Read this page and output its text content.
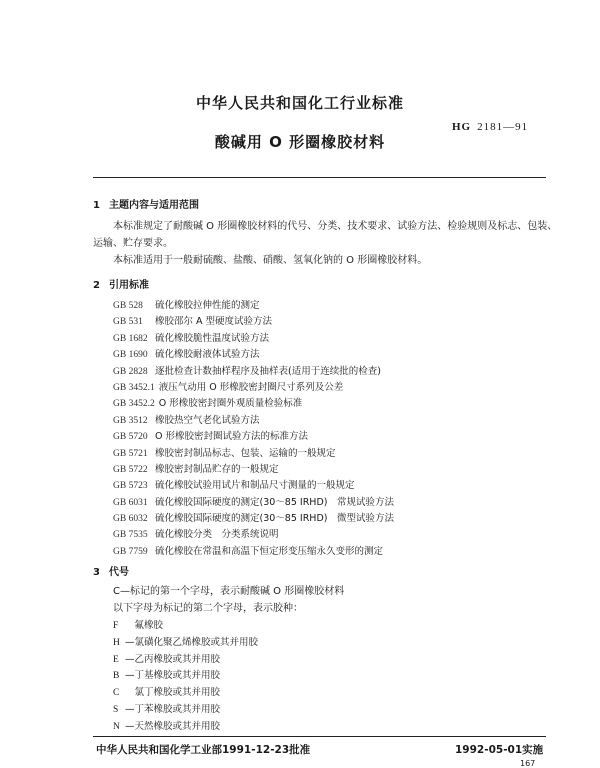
中华人民共和国化工行业标准
HG 2181—91
酸碱用 O 形圈橡胶材料
1 主题内容与适用范围
本标准规定了耐酸碱 O 形圈橡胶材料的代号、分类、技术要求、试验方法、检验规则及标志、包装、
运输、贮存要求。
本标准适用于一般耐硫酸、盐酸、硝酸、氢氧化钠的 O 形圈橡胶材料。
2 引用标准
GB 528 硫化橡胶拉伸性能的测定
GB 531 橡胶邵尔 A 型硬度试验方法
GB 1682 硫化橡胶脆性温度试验方法
GB 1690 硫化橡胶耐液体试验方法
GB 2828 逐批检查计数抽样程序及抽样表(适用于连续批的检查)
GB 3452.1 液压气动用 O 形橡胶密封圈尺寸系列及公差
GB 3452.2 O 形橡胶密封圈外观质量检验标准
GB 3512 橡胶热空气老化试验方法
GB 5720 O 形橡胶密封圈试验方法的标准方法
GB 5721 橡胶密封制品标志、包装、运输的一般规定
GB 5722 橡胶密封制品贮存的一般规定
GB 5723 硫化橡胶试验用试片和制品尺寸测量的一般规定
GB 6031 硫化橡胶国际硬度的测定(30～85 IRHD)　常规试验方法
GB 6032 硫化橡胶国际硬度的测定(30～85 IRHD)　微型试验方法
GB 7535 硫化橡胶分类　分类系统说明
GB 7759 硫化橡胶在常温和高温下恒定形变压缩永久变形的测定
3 代号
C—标记的第一个字母，表示耐酸碱 O 形圈橡胶材料
以下字母为标记的第二个字母，表示胶种：
F　氟橡胶
H —氯磺化聚乙烯橡胶或其并用胶
E —乙丙橡胶或其并用胶
B —丁基橡胶或其并用胶
C　氯丁橡胶或其并用胶
S —丁苯橡胶或其并用胶
N —天然橡胶或其并用胶
中华人民共和国化学工业部1991-12-23批准	1992-05-01实施
167
